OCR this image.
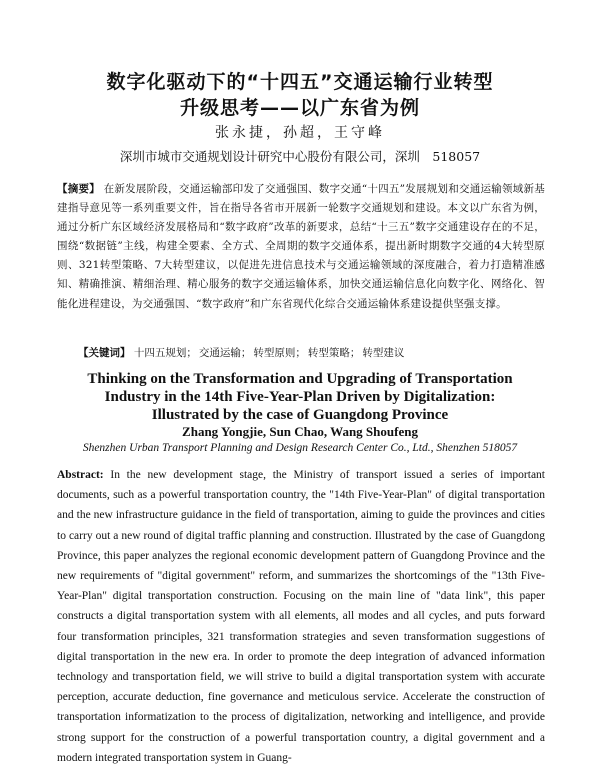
数字化驱动下的“十四五”交通运输行业转型
升级思考——以广东省为例
张永捷，孙超，王守峰
深圳市城市交通规划设计研究中心股份有限公司，深圳　518057

【摘要】 在新发展阶段，交通运输部印发了交通强国、数字交通“十四五”发展规划和交通运输领域新基建指导意见等一系列重要文件，旨在指导各省市开展新一轮数字交通规划和建设。本文以广东省为例，通过分析广东区域经济发展格局和“数字政府”改革的新要求，总结“十三五”数字交通建设存在的不足，围绕“数据链”主线，构建全要素、全方式、全周期的数字交通体系，提出新时期数字交通的4大转型原则、321转型策略、7大转型建议，以促进先进信息技术与交通运输领域的深度融合，着力打造精准感知、精确推演、精细治理、精心服务的数字交通运输体系，加快交通运输信息化向数字化、网络化、智能化进程建设，为交通强国、“数字政府”和广东省现代化综合交通运输体系建设提供坚强支撑。

【关键词】 十四五规划； 交通运输； 转型原则； 转型策略； 转型建议
Thinking on the Transformation and Upgrading of Transportation
Industry in the 14th Five-Year-Plan Driven by Digitalization:
Illustrated by the case of Guangdong Province
Zhang Yongjie, Sun Chao, Wang Shoufeng
Shenzhen Urban Transport Planning and Design Research Center Co., Ltd., Shenzhen 518057

Abstract: In the new development stage, the Ministry of transport issued a series of important documents, such as a powerful transportation country, the "14th Five-Year-Plan" of digital transportation and the new infrastructure guidance in the field of transportation, aiming to guide the provinces and cities to carry out a new round of digital traffic planning and construction. Illustrated by the case of Guangdong Province, this paper analyzes the regional economic development pattern of Guangdong Province and the new requirements of "digital government" reform, and summarizes the shortcomings of the "13th Five-Year-Plan" digital transportation construction. Focusing on the main line of "data link", this paper constructs a digital transportation system with all elements, all modes and all cycles, and puts forward four transformation principles, 321 transformation strategies and seven transformation suggestions of digital transportation in the new era. In order to promote the deep integration of advanced information technology and transportation field, we will strive to build a digital transportation system with accurate perception, accurate deduction, fine governance and meticulous service. Accelerate the construction of transportation informatization to the process of digitalization, networking and intelligence, and provide strong support for the construction of a powerful transportation country, a digital government and a modern integrated transportation system in Guang-
